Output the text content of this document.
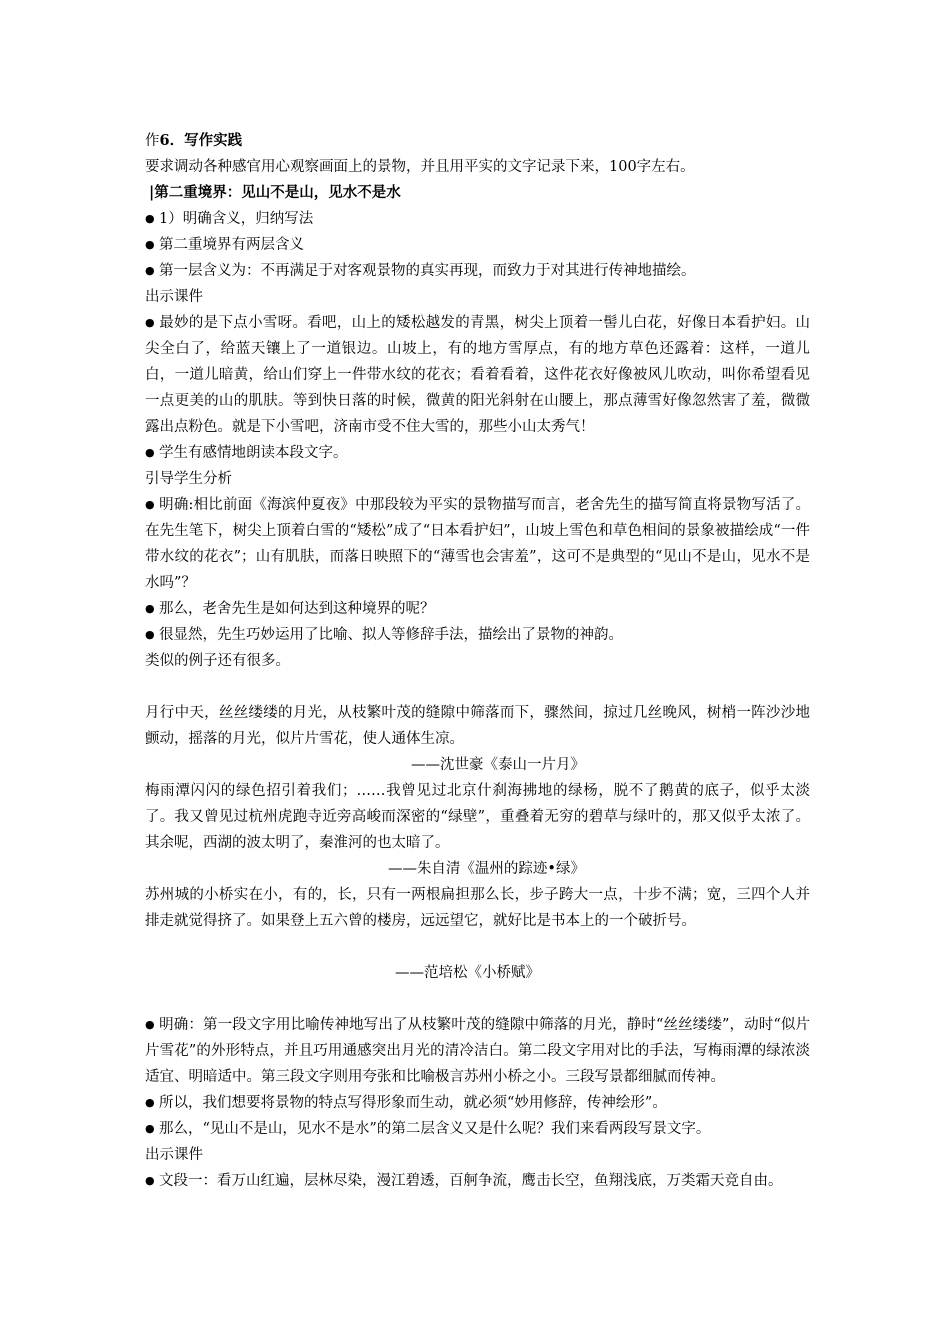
作6．写作实践
要求调动各种感官用心观察画面上的景物，并且用平实的文字记录下来，100字左右。
|第二重境界：见山不是山，见水不是水
● 1）明确含义，归纳写法
● 第二重境界有两层含义
● 第一层含义为：不再满足于对客观景物的真实再现，而致力于对其进行传神地描绘。
出示课件
● 最妙的是下点小雪呀。看吧，山上的矮松越发的青黑，树尖上顶着一髻儿白花，好像日本看护妇。山尖全白了，给蓝天镶上了一道银边。山坡上，有的地方雪厚点，有的地方草色还露着：这样，一道儿白，一道儿暗黄，给山们穿上一件带水纹的花衣；看着看着，这件花衣好像被风儿吹动，叫你希望看见一点更美的山的肌肤。等到快日落的时候，微黄的阳光斜射在山腰上，那点薄雪好像忽然害了羞，微微露出点粉色。就是下小雪吧，济南市受不住大雪的，那些小山太秀气！
● 学生有感情地朗读本段文字。
引导学生分析
● 明确:相比前面《海滨仲夏夜》中那段较为平实的景物描写而言，老舍先生的描写简直将景物写活了。在先生笔下，树尖上顶着白雪的“矮松”成了“日本看护妇”，山坡上雪色和草色相间的景象被描绘成“一件带水纹的花衣”；山有肌肤，而落日映照下的“薄雪也会害羞”，这可不是典型的“见山不是山，见水不是水吗”？
● 那么，老舍先生是如何达到这种境界的呢？
● 很显然，先生巧妙运用了比喻、拟人等修辞手法，描绘出了景物的神韵。
类似的例子还有很多。
月行中天，丝丝缕缕的月光，从枝繁叶茂的缝隙中筛落而下，骤然间，掠过几丝晚风，树梢一阵沙沙地颤动，摇落的月光，似片片雪花，使人通体生凉。
——沈世豪《泰山一片月》
梅雨潭闪闪的绿色招引着我们；……我曾见过北京什刹海拂地的绿杨，脱不了鹅黄的底子，似乎太淡了。我又曾见过杭州虎跑寺近旁高峻而深密的“绿壁”，重叠着无穷的碧草与绿叶的，那又似乎太浓了。其余呢，西湖的波太明了，秦淮河的也太暗了。
——朱自清《温州的踪迹•绿》
苏州城的小桥实在小，有的，长，只有一两根扁担那么长，步子跨大一点，十步不满；宽，三四个人并排走就觉得挤了。如果登上五六曾的楼房，远远望它，就好比是书本上的一个破折号。
——范培松《小桥赋》
● 明确：第一段文字用比喻传神地写出了从枝繁叶茂的缝隙中筛落的月光，静时“丝丝缕缕”，动时“似片片雪花”的外形特点，并且巧用通感突出月光的清冷洁白。第二段文字用对比的手法，写梅雨潭的绿浓淡适宜、明暗适中。第三段文字则用夸张和比喻极言苏州小桥之小。三段写景都细腻而传神。
● 所以，我们想要将景物的特点写得形象而生动，就必须“妙用修辞，传神绘形”。
● 那么，“见山不是山，见水不是水”的第二层含义又是什么呢？我们来看两段写景文字。
出示课件
● 文段一：看万山红遍，层林尽染，漫江碧透，百舸争流，鹰击长空，鱼翔浅底，万类霜天竞自由。
